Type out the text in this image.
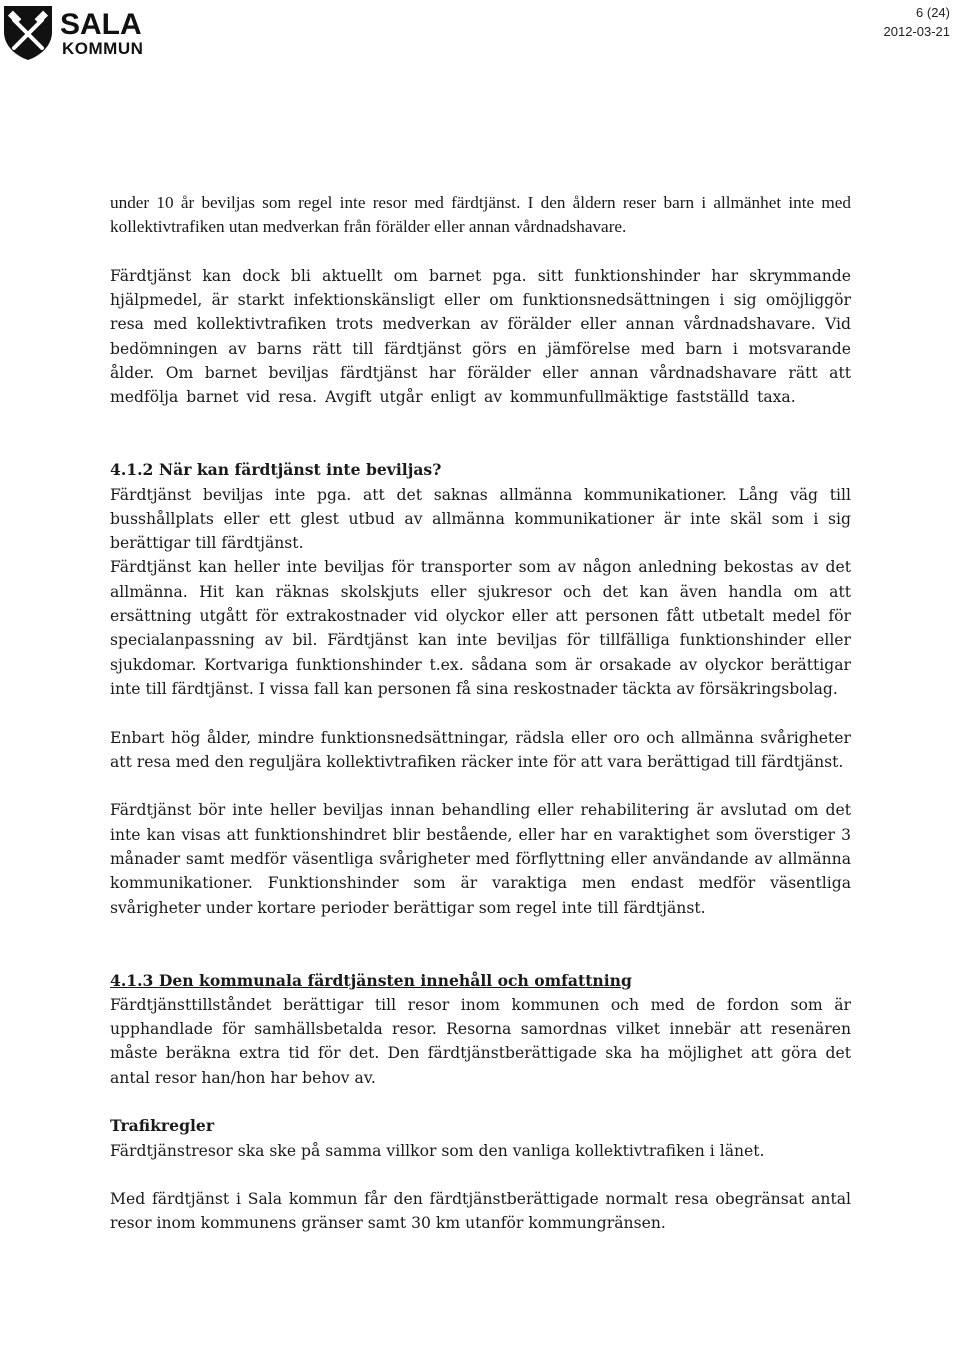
SALA
KOMMUN
6 (24)
2012-03-21

under 10 år beviljas som regel inte resor med färdtjänst. I den åldern reser barn i allmänhet inte med kollektivtrafiken utan medverkan från förälder eller annan vårdnadshavare.

Färdtjänst kan dock bli aktuellt om barnet pga. sitt funktionshinder har skrymmande hjälpmedel, är starkt infektionskänsligt eller om funktionsnedsättningen i sig omöjliggör resa med kollektivtrafiken trots medverkan av förälder eller annan vårdnadshavare. Vid bedömningen av barns rätt till färdtjänst görs en jämförelse med barn i motsvarande ålder. Om barnet beviljas färdtjänst har förälder eller annan vårdnadshavare rätt att medfölja barnet vid resa. Avgift utgår enligt av kommunfullmäktige fastställd taxa.

4.1.2 När kan färdtjänst inte beviljas?

Färdtjänst beviljas inte pga. att det saknas allmänna kommunikationer. Lång väg till busshållplats eller ett glest utbud av allmänna kommunikationer är inte skäl som i sig berättigar till färdtjänst.

Färdtjänst kan heller inte beviljas för transporter som av någon anledning bekostas av det allmänna. Hit kan räknas skolskjuts eller sjukresor och det kan även handla om att ersättning utgått för extrakostnader vid olyckor eller att personen fått utbetalt medel för specialanpassning av bil. Färdtjänst kan inte beviljas för tillfälliga funktionshinder eller sjukdomar. Kortvariga funktionshinder t.ex. sådana som är orsakade av olyckor berättigar inte till färdtjänst. I vissa fall kan personen få sina reskostnader täckta av försäkringsbolag.

Enbart hög ålder, mindre funktionsnedsättningar, rädsla eller oro och allmänna svårigheter att resa med den reguljära kollektivtrafiken räcker inte för att vara berättigad till färdtjänst.

Färdtjänst bör inte heller beviljas innan behandling eller rehabilitering är avslutad om det inte kan visas att funktionshindret blir bestående, eller har en varaktighet som överstiger 3 månader samt medför väsentliga svårigheter med förflyttning eller användande av allmänna kommunikationer. Funktionshinder som är varaktiga men endast medför väsentliga svårigheter under kortare perioder berättigar som regel inte till färdtjänst.

4.1.3 Den kommunala färdtjänsten innehåll och omfattning

Färdtjänsttillståndet berättigar till resor inom kommunen och med de fordon som är upphandlade för samhällsbetalda resor. Resorna samordnas vilket innebär att resenären måste beräkna extra tid för det. Den färdtjänstberättigade ska ha möjlighet att göra det antal resor han/hon har behov av.

Trafikregler

Färdtjänstresor ska ske på samma villkor som den vanliga kollektivtrafiken i länet.

Med färdtjänst i Sala kommun får den färdtjänstberättigade normalt resa obegränsat antal resor inom kommunens gränser samt 30 km utanför kommungränsen.
